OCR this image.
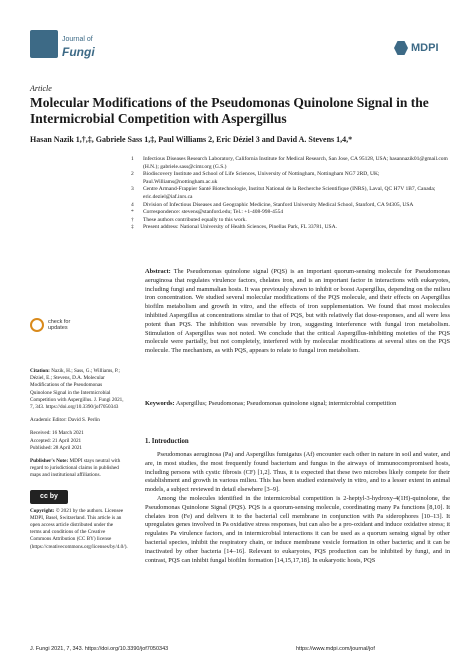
Journal of
Fungi	MDPI
Article
Molecular Modifications of the Pseudomonas Quinolone Signal in the Intermicrobial Competition with Aspergillus
Hasan Nazik 1,†,‡, Gabriele Sass 1,‡, Paul Williams 2, Eric Déziel 3 and David A. Stevens 1,4,*
1	Infectious Diseases Research Laboratory, California Institute for Medical Research, San Jose, CA 95128, USA; hasannazik01@gmail.com (H.N.); gabriele.sass@cimr.org (G.S.)
2	Biodiscovery Institute and School of Life Sciences, University of Nottingham, Nottingham NG7 2RD, UK; Paul.Williams@nottingham.ac.uk
3	Centre Armand-Frappier Santé Biotechnologie, Institut National de la Recherche Scientifique (INRS), Laval, QC H7V 1B7, Canada; eric.deziel@iaf.inrs.ca
4	Division of Infectious Diseases and Geographic Medicine, Stanford University Medical School, Stanford, CA 94305, USA
*	Correspondence: stevens@stanford.edu; Tel.: +1-408-998-4554
†	These authors contributed equally to this work.
‡	Present address: National University of Health Sciences, Pinellas Park, FL 33781, USA.
check for
updates

Citation: Nazik, H.; Sass, G.; Williams, P.; Déziel, E.; Stevens, D.A. Molecular Modifications of the Pseudomonas Quinolone Signal in the Intermicrobial Competition with Aspergillus. J. Fungi 2021, 7, 343. https://doi.org/10.3390/jof7050343

Academic Editor: David S. Perlin

Received: 16 March 2021

Accepted: 21 April 2021

Published: 28 April 2021

Publisher's Note: MDPI stays neutral with regard to jurisdictional claims in published maps and institutional affiliations.

cc by

Copyright: © 2021 by the authors. Licensee MDPI, Basel, Switzerland. This article is an open access article distributed under the terms and conditions of the Creative Commons Attribution (CC BY) license (https://creativecommons.org/licenses/by/4.0/).

Abstract: The Pseudomonas quinolone signal (PQS) is an important quorum-sensing molecule for Pseudomonas aeruginosa that regulates virulence factors, chelates iron, and is an important factor in interactions with eukaryotes, including fungi and mammalian hosts. It was previously shown to inhibit or boost Aspergillus, depending on the milieu iron concentration. We studied several molecular modifications of the PQS molecule, and their effects on Aspergillus biofilm metabolism and growth in vitro, and the effects of iron supplementation. We found that most molecules inhibited Aspergillus at concentrations similar to that of PQS, but with relatively flat dose-responses, and all were less potent than PQS. The inhibition was reversible by iron, suggesting interference with fungal iron metabolism. Stimulation of Aspergillus was not noted. We conclude that the critical Aspergillus-inhibiting moieties of the PQS molecule were partially, but not completely, interfered with by molecular modifications at several sites on the PQS molecule. The mechanism, as with PQS, appears to relate to fungal iron metabolism.
Keywords: Aspergillus; Pseudomonas; Pseudomonas quinolone signal; intermicrobial competition
1. Introduction

Pseudomonas aeruginosa (Pa) and Aspergillus fumigatus (Af) encounter each other in nature in soil and water, and are, in most studies, the most frequently found bacterium and fungus in the airways of immunocompromised hosts, including persons with cystic fibrosis (CF) [1,2]. Thus, it is expected that these two microbes likely compete for their establishment and growth in various milieu. This has been studied extensively in vitro, and to a lesser extent in animal models, a subject reviewed in detail elsewhere [3–9].

Among the molecules identified in the intermicrobial competition is 2-heptyl-3-hydroxy-4(1H)-quinolone, the Pseudomonas Quinolone Signal (PQS). PQS is a quorum-sensing molecule, coordinating many Pa functions [8,10]. It chelates iron (Fe) and delivers it to the bacterial cell membrane in conjunction with Pa siderophores [10–13]. It upregulates genes involved in Pa oxidative stress responses, but can also be a pro-oxidant and induce oxidative stress; it regulates Pa virulence factors, and in intermicrobial interactions it can be used as a quorum sensing signal by other bacterial species, inhibit the respiratory chain, or induce membrane vesicle formation in other bacteria; and it can be inactivated by other bacteria [14–16]. Relevant to eukaryotes, PQS production can be inhibited by fungi, and in contrast, PQS can inhibit fungal biofilm formation [14,15,17,18]. In eukaryotic hosts, PQS

J. Fungi 2021, 7, 343. https://doi.org/10.3390/jof7050343	https://www.mdpi.com/journal/jof
